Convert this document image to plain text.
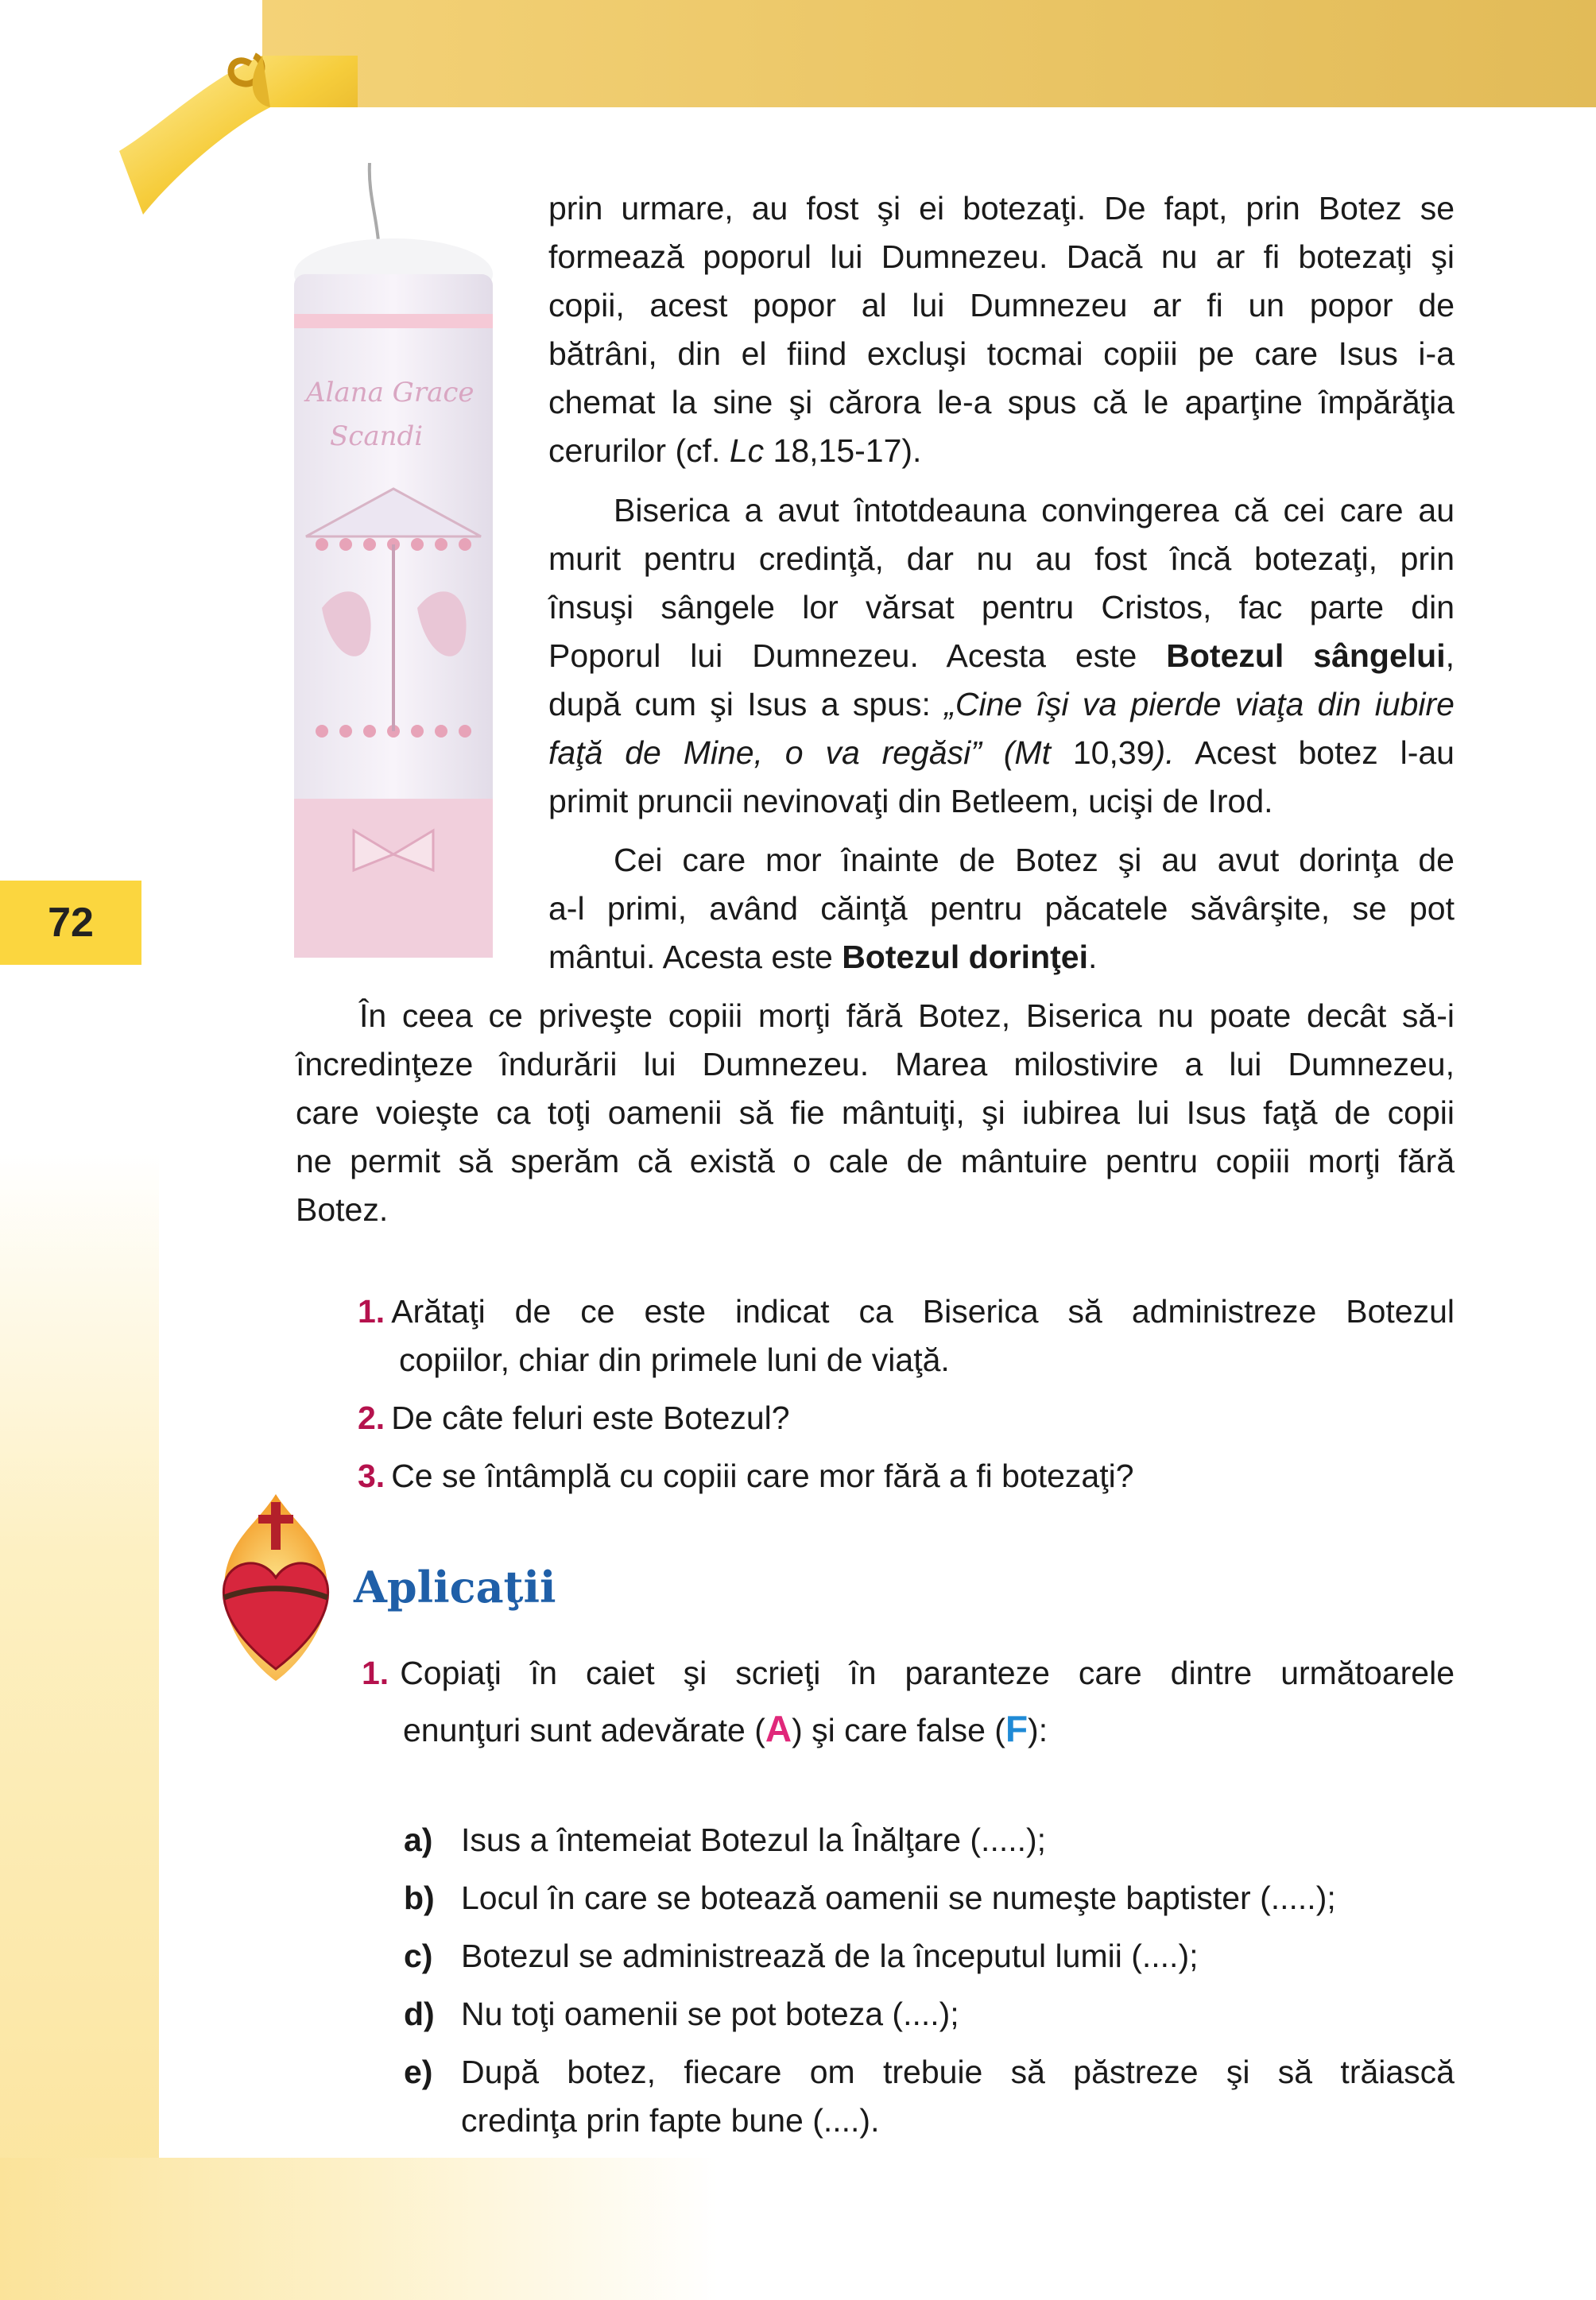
Alana Grace
Scandi
72
prin urmare, au fost şi ei botezaţi. De fapt, prin Botez se
formează poporul lui Dumnezeu. Dacă nu ar fi botezaţi şi
copii, acest popor al lui Dumnezeu ar fi un popor de
bătrâni, din el fiind excluşi tocmai copiii pe care Isus i-a
chemat la sine şi cărora le-a spus că le aparţine împărăţia
cerurilor (cf. Lc 18,15-17).
Biserica a avut întotdeauna convingerea că cei care au
murit pentru credinţă, dar nu au fost încă botezaţi, prin
însuşi sângele lor vărsat pentru Cristos, fac parte din
Poporul lui Dumnezeu. Acesta este Botezul sângelui,
după cum şi Isus a spus: „Cine îşi va pierde viaţa din iubire
faţă de Mine, o va regăsi” (Mt 10,39). Acest botez l-au
primit pruncii nevinovaţi din Betleem, ucişi de Irod.
Cei care mor înainte de Botez şi au avut dorinţa de
a-l primi, având căinţă pentru păcatele săvârşite, se pot
mântui. Acesta este Botezul dorinţei.
În ceea ce priveşte copiii morţi fără Botez, Biserica nu poate decât să-i
încredinţeze îndurării lui Dumnezeu. Marea milostivire a lui Dumnezeu,
care voieşte ca toţi oamenii să fie mântuiţi, şi iubirea lui Isus faţă de copii
ne permit să sperăm că există o cale de mântuire pentru copiii morţi fără
Botez.
1. Arătaţi de ce este indicat ca Biserica să administreze Botezul
copiilor, chiar din primele luni de viaţă.
2. De câte feluri este Botezul?
3. Ce se întâmplă cu copiii care mor fără a fi botezaţi?
Aplicaţii
1. Copiaţi în caiet şi scrieţi în paranteze care dintre următoarele
enunţuri sunt adevărate (A) şi care false (F):
a) Isus a întemeiat Botezul la Înălţare (.....);
b) Locul în care se botează oamenii se numeşte baptister (.....);
c) Botezul se administrează de la începutul lumii (....);
d) Nu toţi oamenii se pot boteza (....);
e) După botez, fiecare om trebuie să păstreze şi să trăiască
credinţa prin fapte bune (....).
